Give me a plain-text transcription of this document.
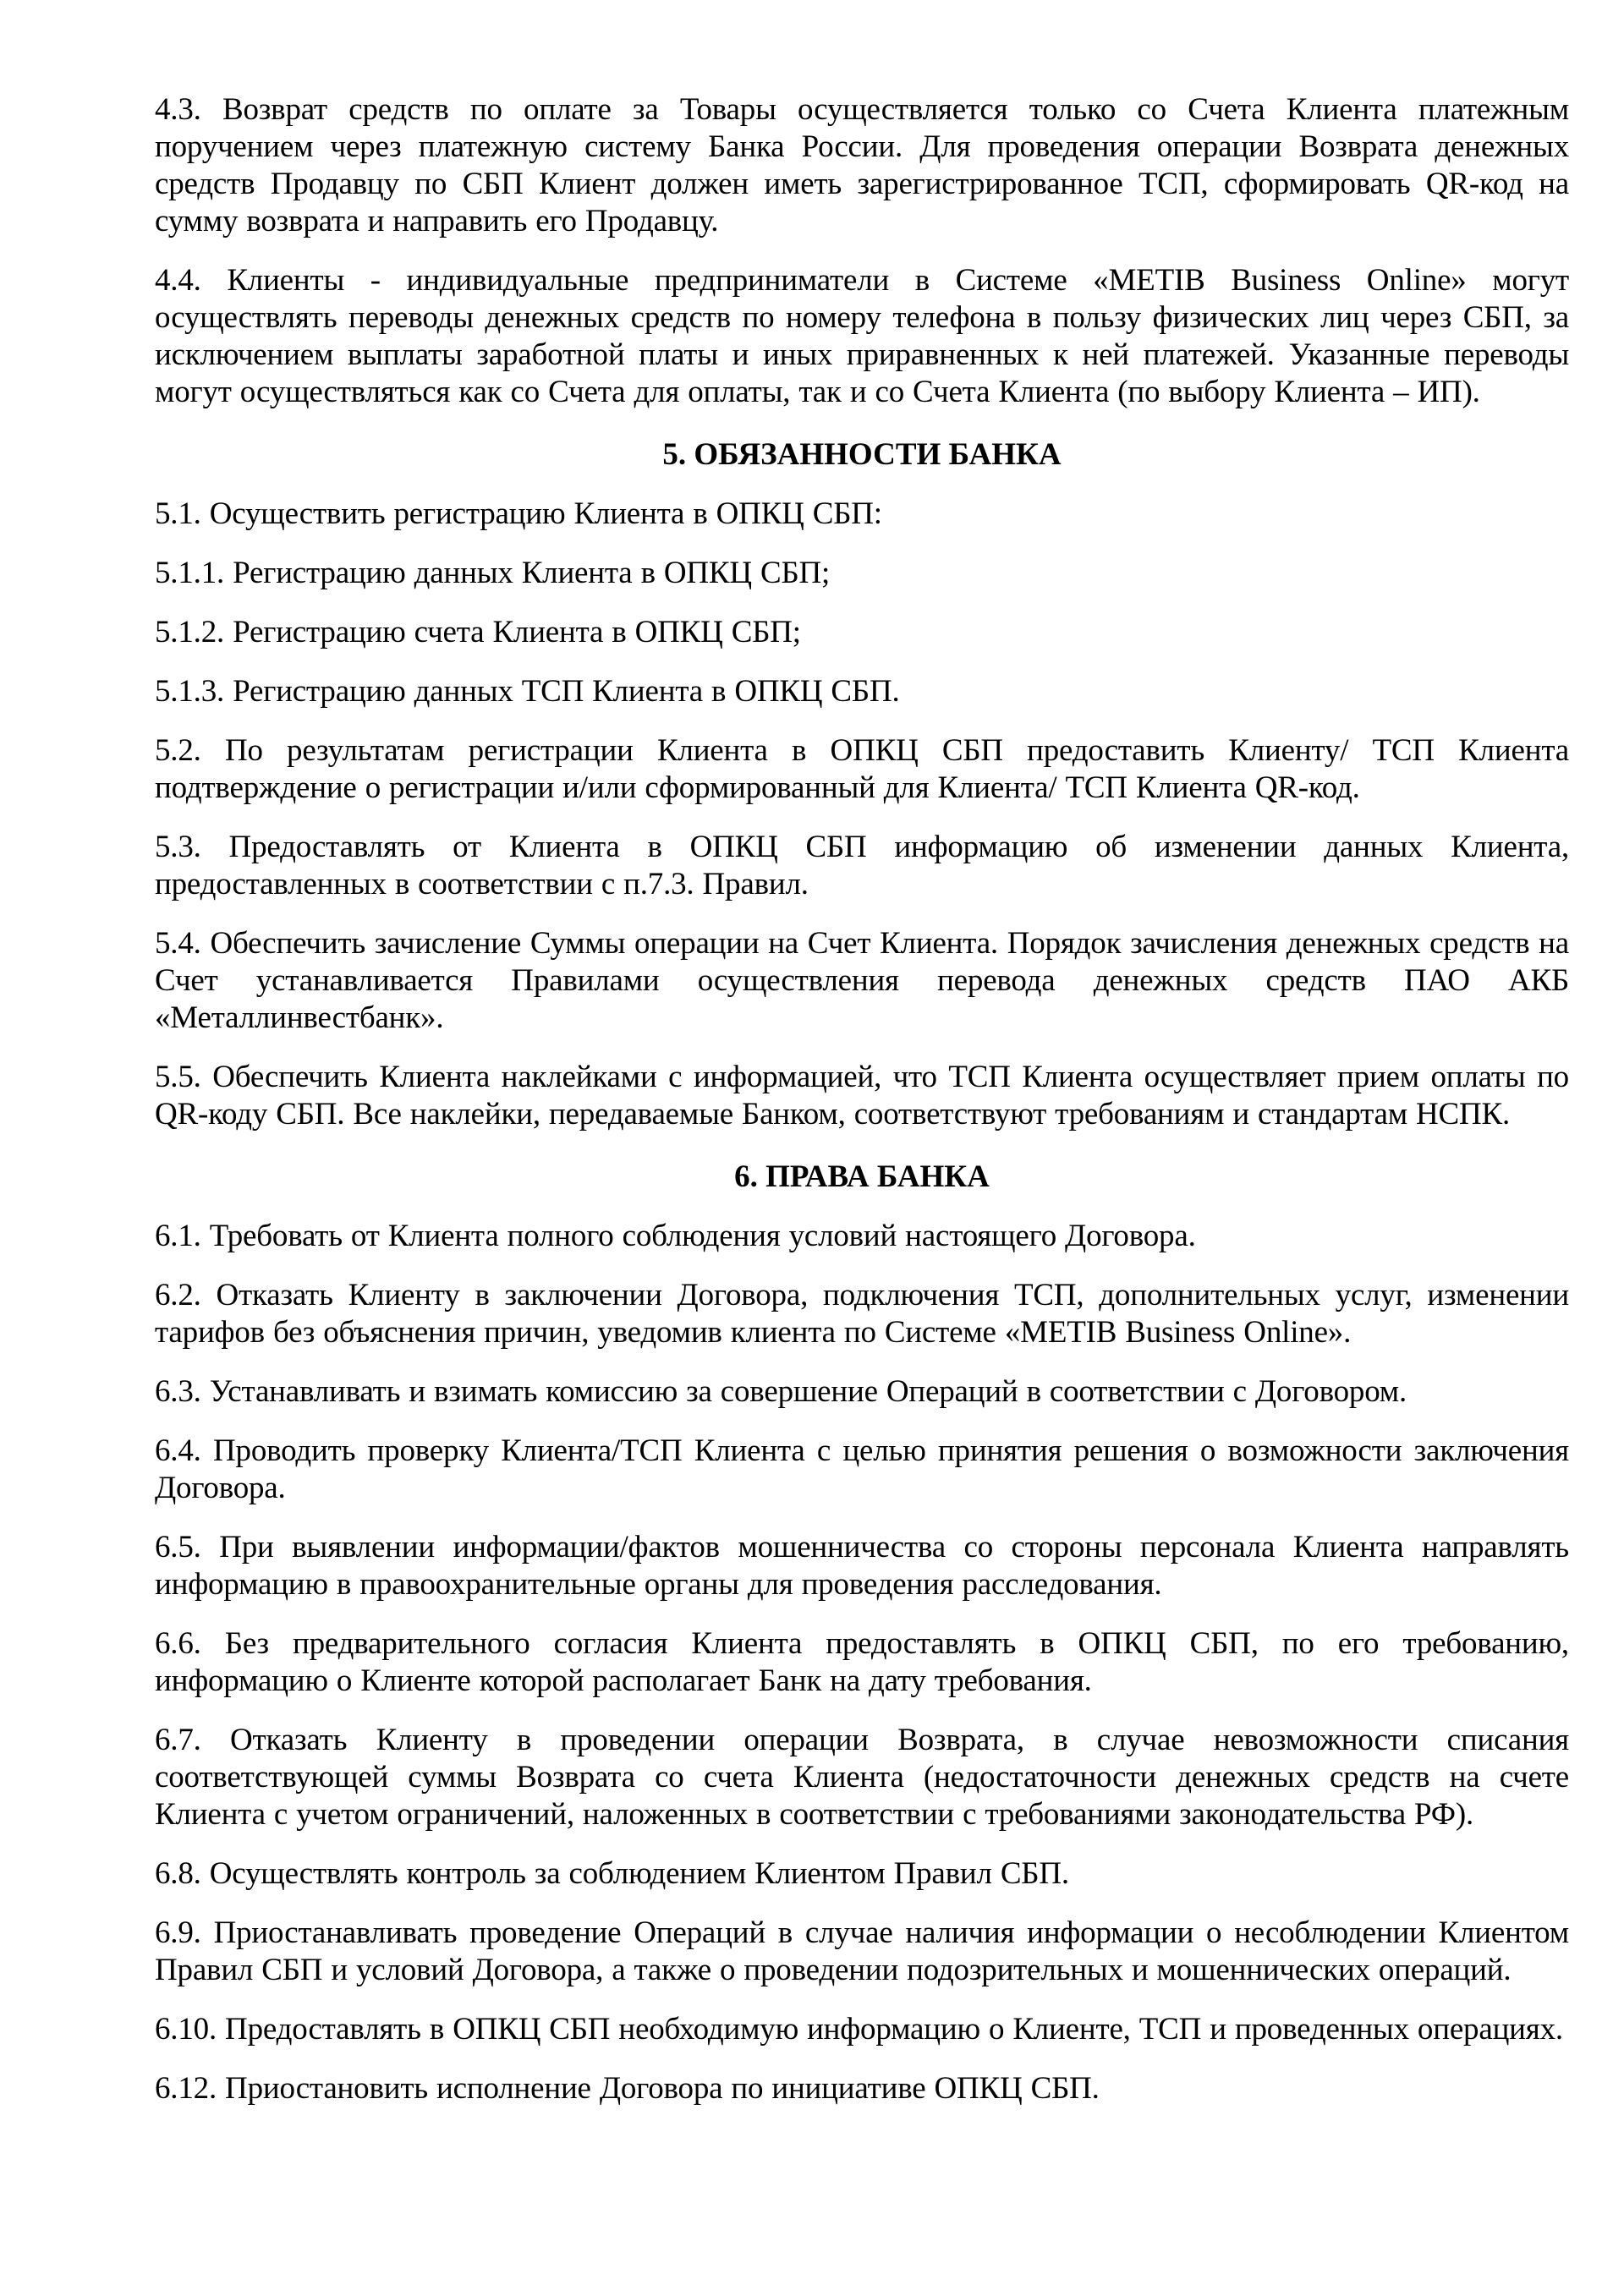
4.3. Возврат средств по оплате за Товары осуществляется только со Счета Клиента платежным поручением через платежную систему Банка России. Для проведения операции Возврата денежных средств Продавцу по СБП Клиент должен иметь зарегистрированное ТСП, сформировать QR-код на сумму возврата и направить его Продавцу.

4.4. Клиенты - индивидуальные предприниматели в Системе «METIB Business Online» могут осуществлять переводы денежных средств по номеру телефона в пользу физических лиц через СБП, за исключением выплаты заработной платы и иных приравненных к ней платежей. Указанные переводы могут осуществляться как со Счета для оплаты, так и со Счета Клиента (по выбору Клиента – ИП).

5. ОБЯЗАННОСТИ БАНКА

5.1. Осуществить регистрацию Клиента в ОПКЦ СБП:

5.1.1. Регистрацию данных Клиента в ОПКЦ СБП;

5.1.2. Регистрацию счета Клиента в ОПКЦ СБП;

5.1.3. Регистрацию данных ТСП Клиента в ОПКЦ СБП.

5.2. По результатам регистрации Клиента в ОПКЦ СБП предоставить Клиенту/ ТСП Клиента подтверждение о регистрации и/или сформированный для Клиента/ ТСП Клиента QR-код.

5.3. Предоставлять от Клиента в ОПКЦ СБП информацию об изменении данных Клиента, предоставленных в соответствии с п.7.3. Правил.

5.4. Обеспечить зачисление Суммы операции на Счет Клиента. Порядок зачисления денежных средств на Счет устанавливается Правилами осуществления перевода денежных средств ПАО АКБ «Металлинвестбанк».

5.5. Обеспечить Клиента наклейками с информацией, что ТСП Клиента осуществляет прием оплаты по QR-коду СБП. Все наклейки, передаваемые Банком, соответствуют требованиям и стандартам НСПК.

6. ПРАВА БАНКА

6.1. Требовать от Клиента полного соблюдения условий настоящего Договора.

6.2. Отказать Клиенту в заключении Договора, подключения ТСП, дополнительных услуг, изменении тарифов без объяснения причин, уведомив клиента по Системе «METIB Business Online».

6.3. Устанавливать и взимать комиссию за совершение Операций в соответствии с Договором.

6.4. Проводить проверку Клиента/ТСП Клиента с целью принятия решения о возможности заключения Договора.

6.5. При выявлении информации/фактов мошенничества со стороны персонала Клиента направлять информацию в правоохранительные органы для проведения расследования.

6.6. Без предварительного согласия Клиента предоставлять в ОПКЦ СБП, по его требованию, информацию о Клиенте которой располагает Банк на дату требования.

6.7. Отказать Клиенту в проведении операции Возврата, в случае невозможности списания соответствующей суммы Возврата со счета Клиента (недостаточности денежных средств на счете Клиента с учетом ограничений, наложенных в соответствии с требованиями законодательства РФ).

6.8. Осуществлять контроль за соблюдением Клиентом Правил СБП.

6.9. Приостанавливать проведение Операций в случае наличия информации о несоблюдении Клиентом Правил СБП и условий Договора, а также о проведении подозрительных и мошеннических операций.

6.10. Предоставлять в ОПКЦ СБП необходимую информацию о Клиенте, ТСП и проведенных операциях.

6.12. Приостановить исполнение Договора по инициативе ОПКЦ СБП.
